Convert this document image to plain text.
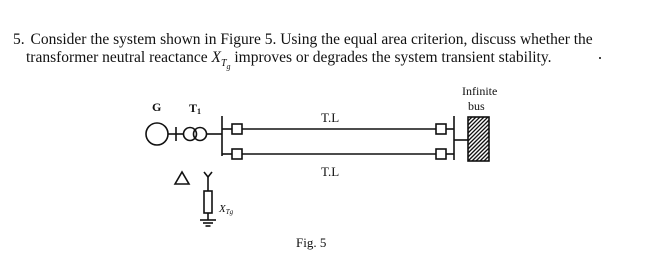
5. Consider the system shown in Figure 5. Using the equal area criterion, discuss whether the
transformer neutral reactance $X_{T_g}$ improves or degrades the system transient stability.
G T1	T.L
T.L
Infinite
bus
XTg
Fig. 5
